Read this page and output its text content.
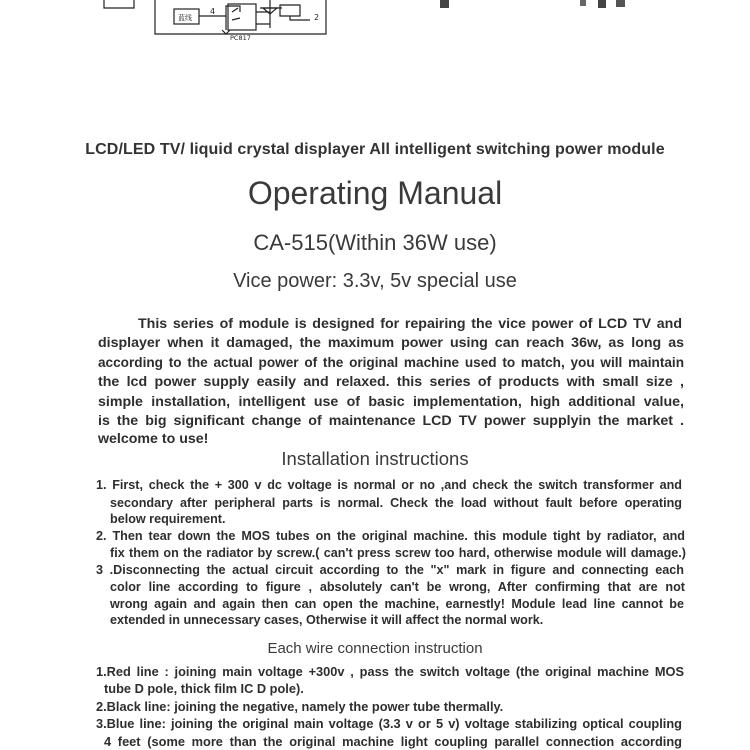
蓝线
4
2
PC817
LCD/LED TV/ liquid crystal displayer All intelligent switching power module
Operating Manual
CA-515(Within 36W use)
Vice power: 3.3v, 5v special use
This series of module is designed for repairing the vice power of LCD TV and
displayer when it damaged, the maximum power using can reach 36w, as long as
according to the actual power of the original machine used to match, you will maintain
the lcd power supply easily and relaxed. this series of products with small size ,
simple installation, intelligent use of basic implementation, high additional value,
is the big significant change of maintenance LCD TV power supplyin the market .
welcome to use!
Installation instructions
1. First, check the + 300 v dc voltage is normal or no ,and check the switch transformer and
secondary after peripheral parts is normal. Check the load without fault before operating
below requirement.
2. Then tear down the MOS tubes on the original machine. this module tight by radiator, and
fix them on the radiator by screw.( can't press screw too hard, otherwise module will damage.)
3 .Disconnecting the actual circuit according to the "x" mark in figure and connecting each
color line according to figure , absolutely can't be wrong, After confirming that are not
wrong again and again then can open the machine, earnestly! Module lead line cannot be
extended in unnecessary cases, Otherwise it will affect the normal work.
Each wire connection instruction
1.Red line : joining main voltage +300v , pass the switch voltage (the original machine MOS
tube D pole, thick film IC D pole).
2.Black line: joining the negative, namely the power tube thermally.
3.Blue line: joining the original main voltage (3.3 v or 5 v) voltage stabilizing optical coupling
4 feet (some more than the original machine light coupling parallel connection according
